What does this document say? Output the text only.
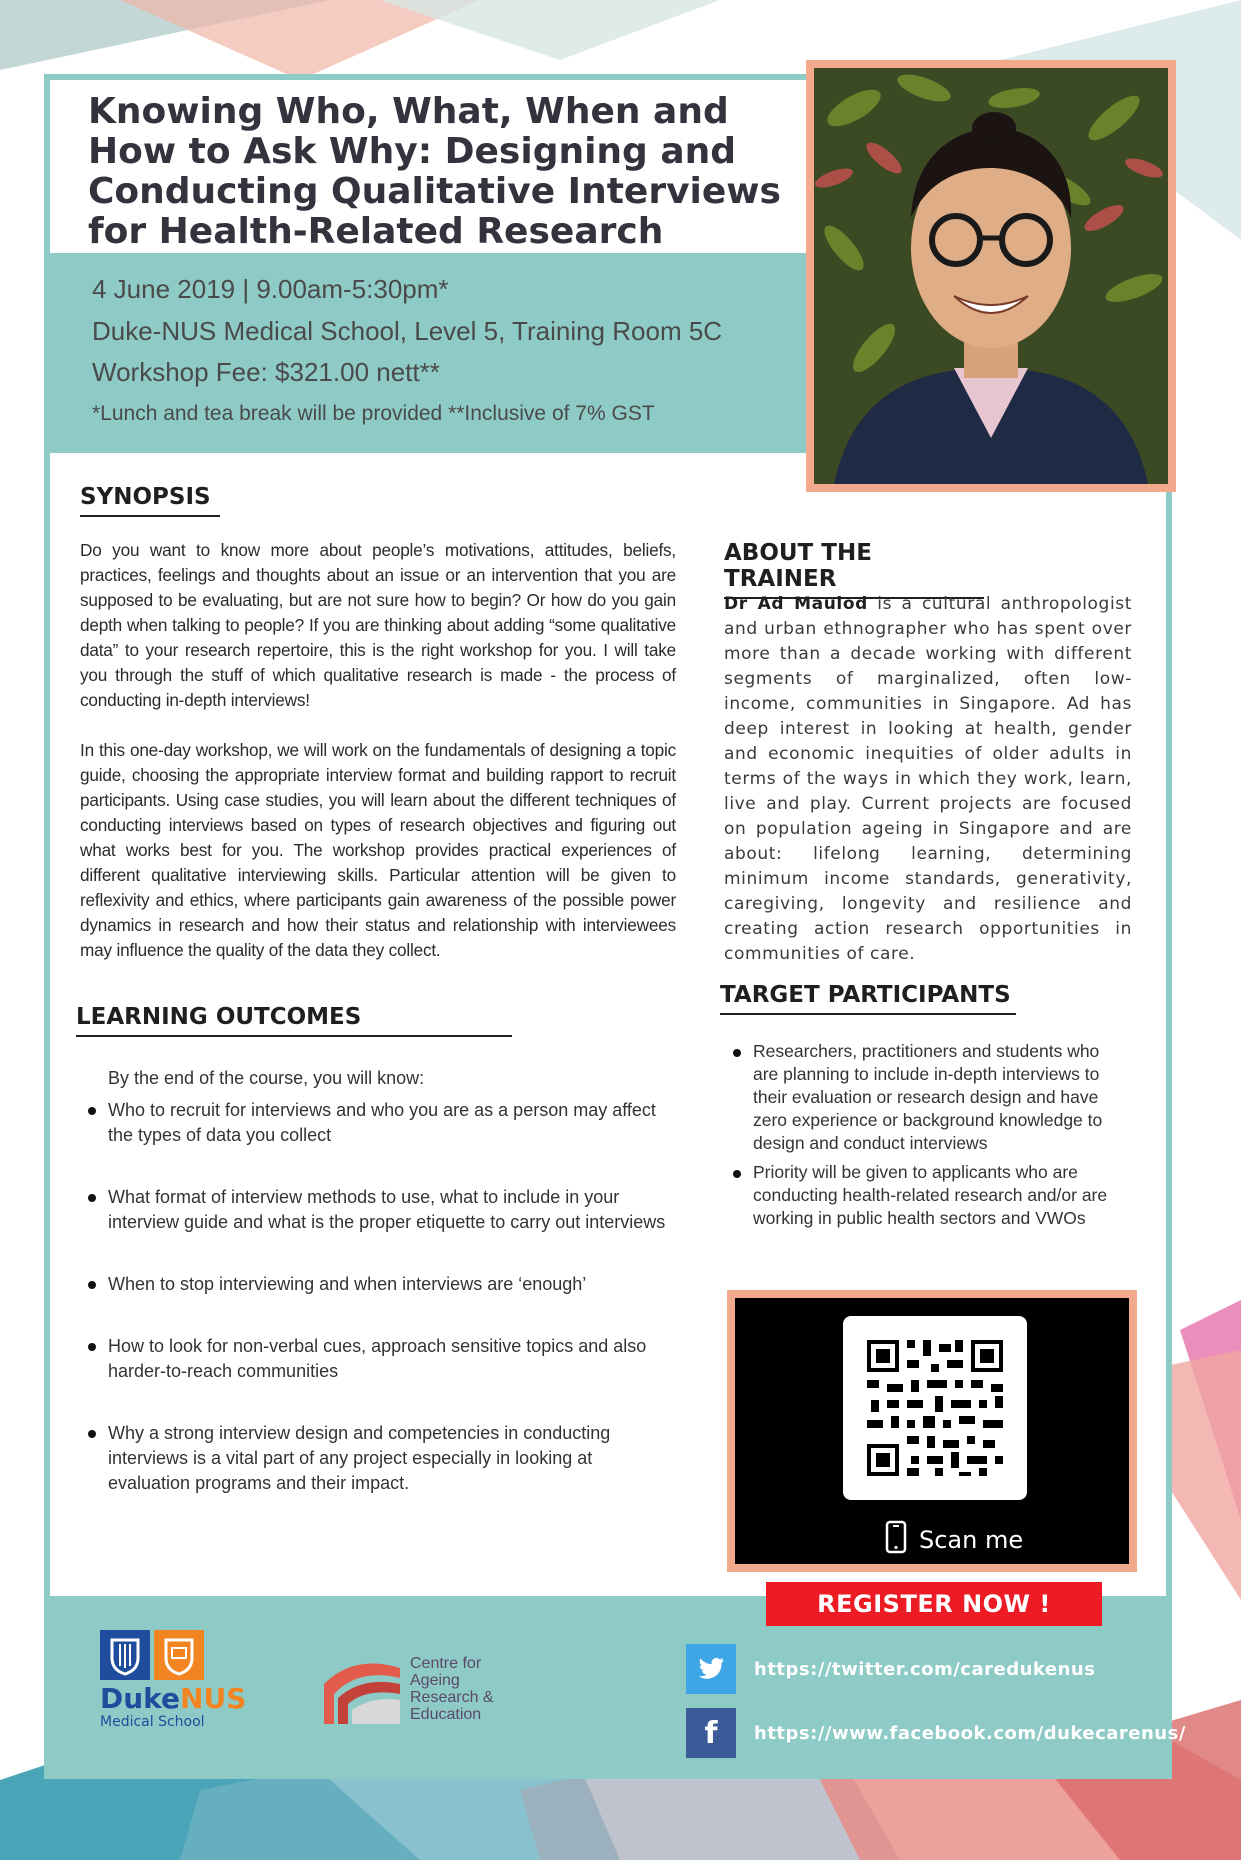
Knowing Who, What, When and How to Ask Why: Designing and Conducting Qualitative Interviews for Health-Related Research
4 June 2019 | 9.00am-5:30pm*
Duke-NUS Medical School, Level 5, Training Room 5C
Workshop Fee: $321.00 nett**
*Lunch and tea break will be provided **Inclusive of 7% GST
SYNOPSIS

Do you want to know more about people’s motivations, attitudes, beliefs, practices, feelings and thoughts about an issue or an intervention that you are supposed to be evaluating, but are not sure how to begin? Or how do you gain depth when talking to people? If you are thinking about adding “some qualitative data” to your research repertoire, this is the right workshop for you. I will take you through the stuff of which qualitative research is made - the process of conducting in-depth interviews!

In this one-day workshop, we will work on the fundamentals of designing a topic guide, choosing the appropriate interview format and building rapport to recruit participants. Using case studies, you will learn about the different techniques of conducting interviews based on types of research objectives and figuring out what works best for you. The workshop provides practical experiences of different qualitative interviewing skills. Particular attention will be given to reflexivity and ethics, where participants gain awareness of the possible power dynamics in research and how their status and relationship with interviewees may influence the quality of the data they collect.

LEARNING OUTCOMES
By the end of the course, you will know:
Who to recruit for interviews and who you are as a person may affect the types of data you collect
What format of interview methods to use, what to include in your interview guide and what is the proper etiquette to carry out interviews
When to stop interviewing and when interviews are ‘enough’
How to look for non-verbal cues, approach sensitive topics and also harder-to-reach communities
Why a strong interview design and competencies in conducting interviews is a vital part of any project especially in looking at evaluation programs and their impact.
ABOUT THE TRAINER

Dr Ad Maulod is a cultural anthropologist and urban ethnographer who has spent over more than a decade working with different segments of marginalized, often low-income, communities in Singapore. Ad has deep interest in looking at health, gender and economic inequities of older adults in terms of the ways in which they work, learn, live and play. Current projects are focused on population ageing in Singapore and are about: lifelong learning, determining minimum income standards, generativity, caregiving, longevity and resilience and creating action research opportunities in communities of care.

TARGET PARTICIPANTS
Researchers, practitioners and students who are planning to include in-depth interviews to their evaluation or research design and have zero experience or background knowledge to design and conduct interviews
Priority will be given to applicants who are conducting health-related research and/or are working in public health sectors and VWOs
Scan me
REGISTER NOW !
DukeNUS
Medical School
Centre for
Ageing
Research &
Education
https://twitter.com/caredukenus
f	https://www.facebook.com/dukecarenus/
